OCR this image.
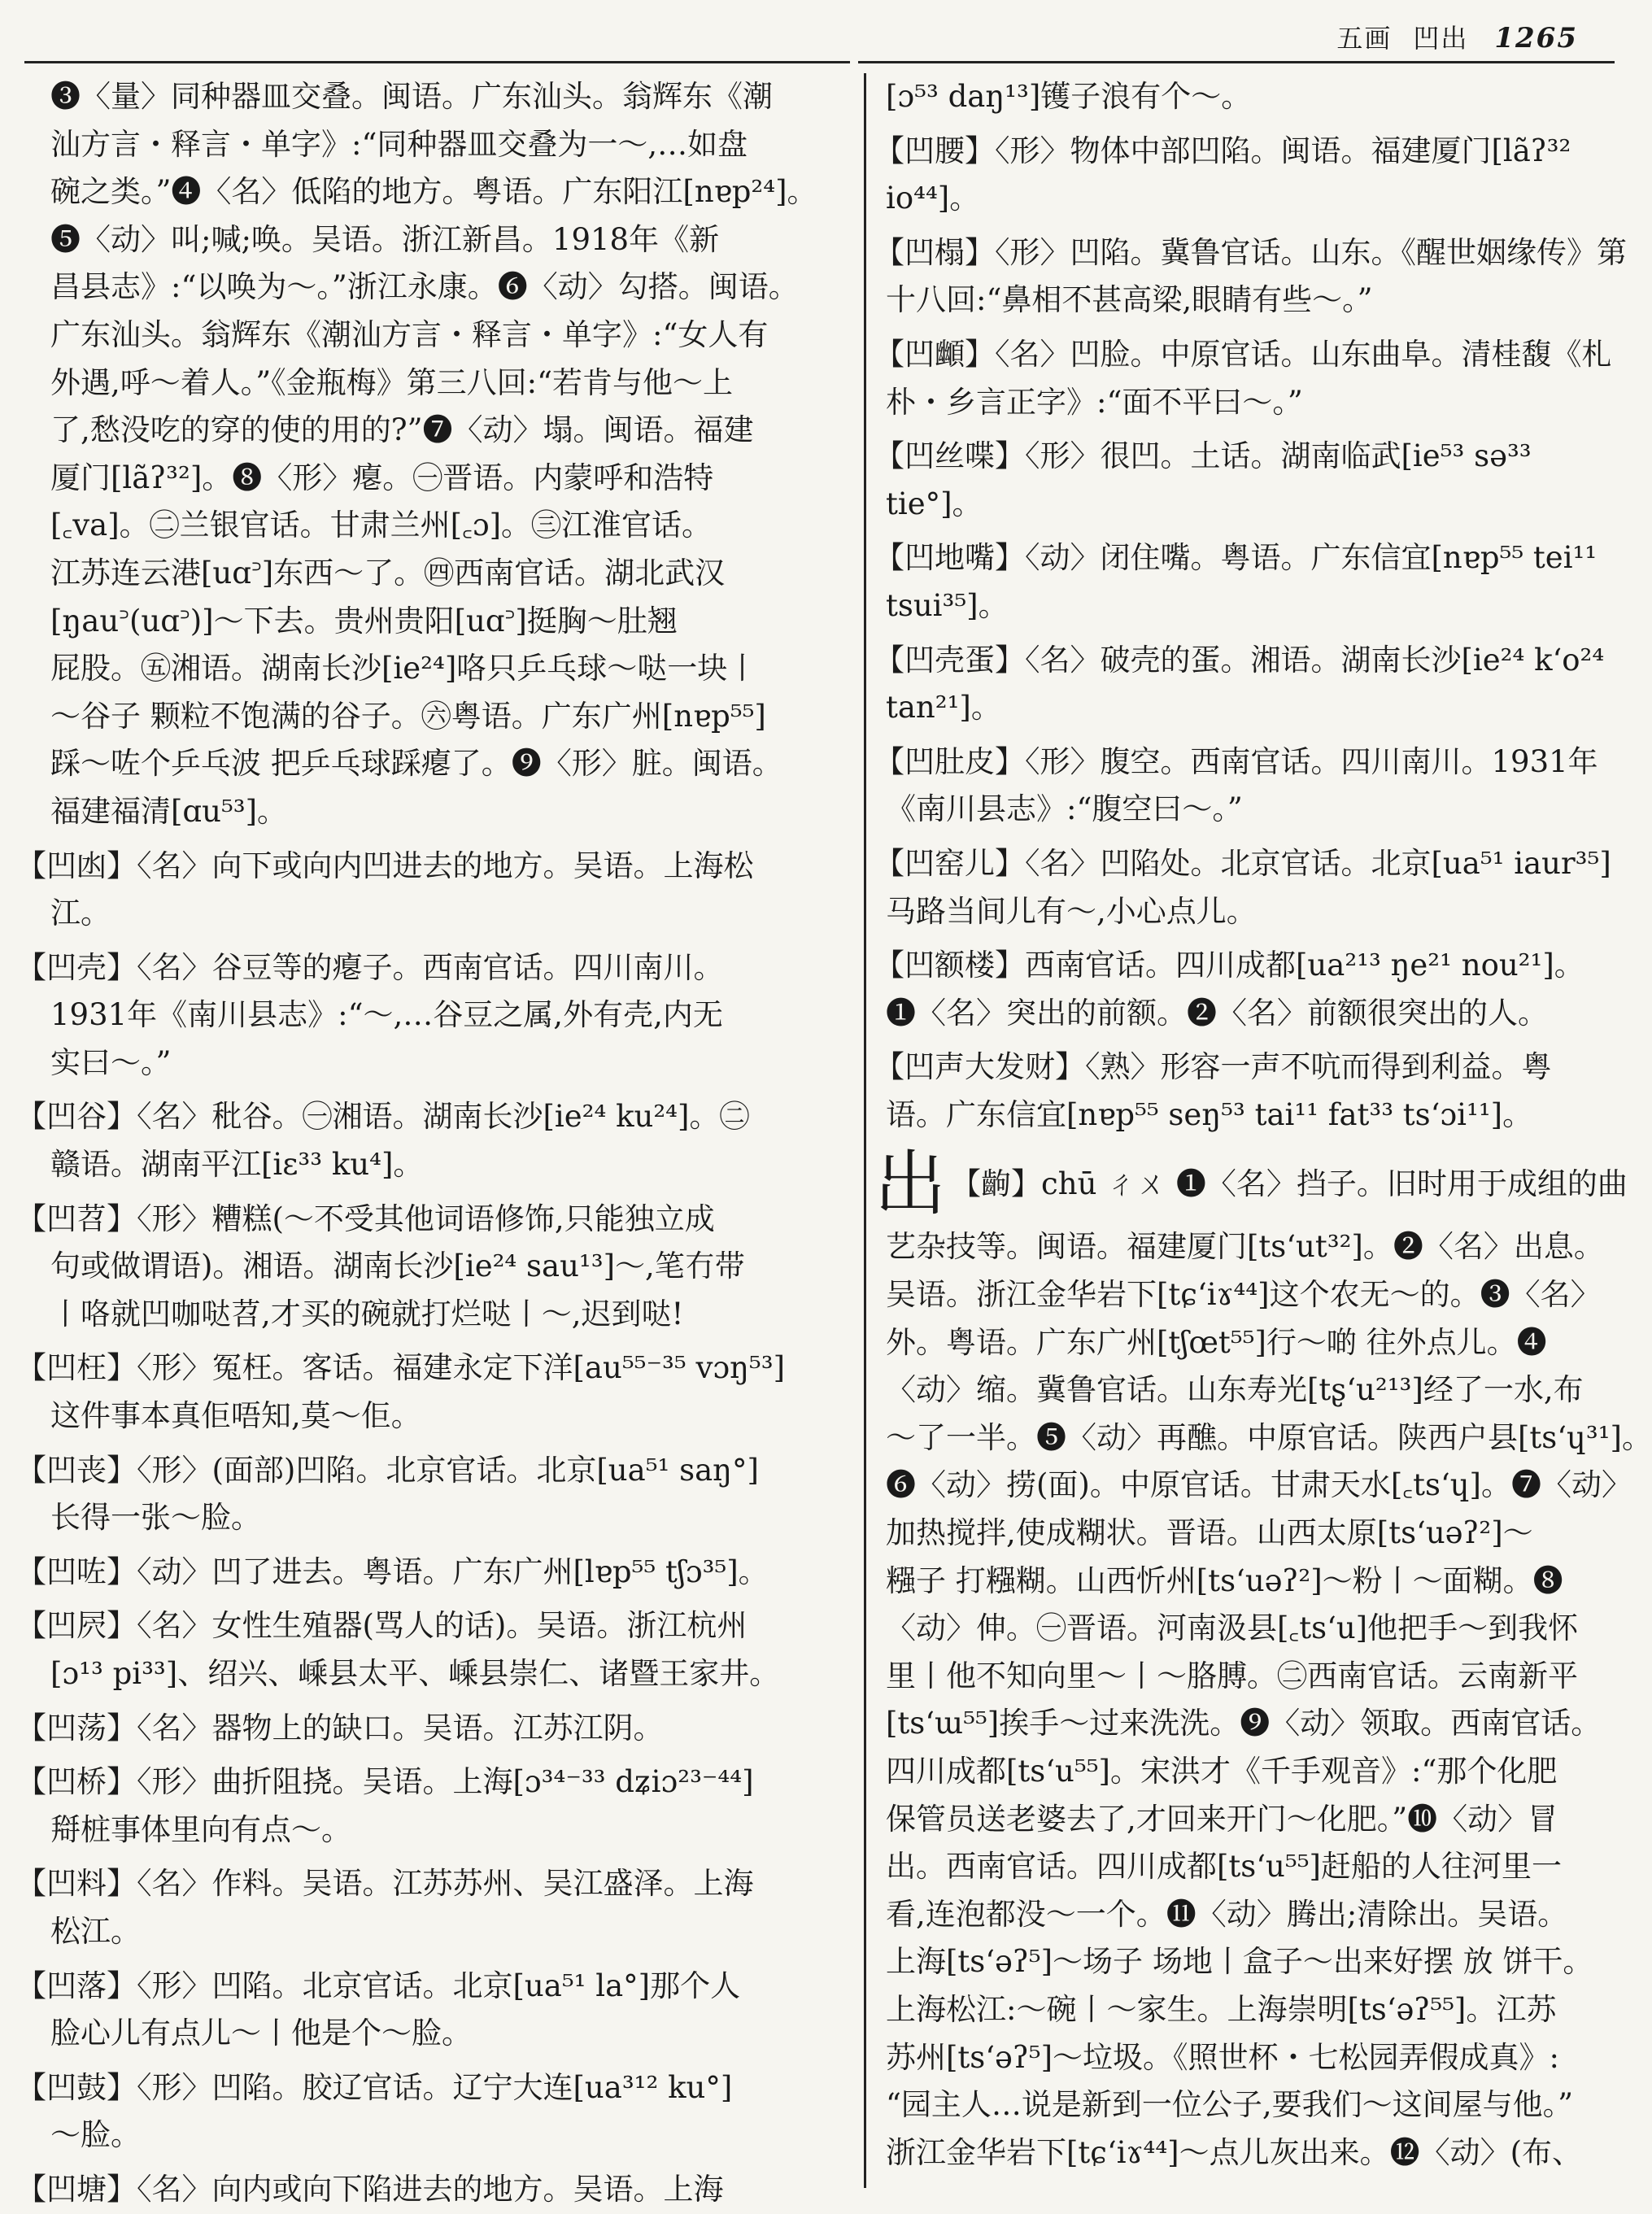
五画 凹出 1265
❸〈量〉同种器皿交叠。闽语。广东汕头。翁辉东《潮
汕方言・释言・单字》:“同种器皿交叠为一～,…如盘
碗之类。”❹〈名〉低陷的地方。粤语。广东阳江[nɐp²⁴]。
❺〈动〉叫;喊;唤。吴语。浙江新昌。1918年《新
昌县志》:“以唤为～。”浙江永康。❻〈动〉勾搭。闽语。
广东汕头。翁辉东《潮汕方言・释言・单字》:“女人有
外遇,呼～着人。”《金瓶梅》第三八回:“若肯与他～上
了,愁没吃的穿的使的用的?”❼〈动〉塌。闽语。福建
厦门[lãʔ³²]。❽〈形〉瘪。㊀晋语。内蒙呼和浩特
[꜀va]。㊁兰银官话。甘肃兰州[꜀ɔ]。㊂江淮官话。
江苏连云港[uɑ꜄]东西～了。㊃西南官话。湖北武汉
[ŋau꜄(uɑ꜄)]～下去。贵州贵阳[uɑ꜄]挺胸～肚翘
屁股。㊄湘语。湖南长沙[ie²⁴]咯只乒乓球～哒一块丨
～谷子 颗粒不饱满的谷子。㊅粤语。广东广州[nɐp⁵⁵]
踩～咗个乒乓波 把乒乓球踩瘪了。❾〈形〉脏。闽语。
福建福清[ɑu⁵³]。
【凹凼】〈名〉向下或向内凹进去的地方。吴语。上海松
江。
【凹壳】〈名〉谷豆等的瘪子。西南官话。四川南川。
1931年《南川县志》:“～,…谷豆之属,外有壳,内无
实曰～。”
【凹谷】〈名〉秕谷。㊀湘语。湖南长沙[ie²⁴ ku²⁴]。㊁
赣语。湖南平江[iɛ³³ ku⁴]。
【凹苕】〈形〉糟糕(～不受其他词语修饰,只能独立成
句或做谓语)。湘语。湖南长沙[ie²⁴ sau¹³]～,笔冇带
丨咯就凹咖哒苕,才买的碗就打烂哒丨～,迟到哒!
【凹枉】〈形〉冤枉。客话。福建永定下洋[au⁵⁵⁻³⁵ vɔŋ⁵³]
这件事本真佢唔知,莫～佢。
【凹丧】〈形〉(面部)凹陷。北京官话。北京[ua⁵¹ saŋ°]
长得一张～脸。
【凹咗】〈动〉凹了进去。粤语。广东广州[lɐp⁵⁵ tʃɔ³⁵]。
【凹屄】〈名〉女性生殖器(骂人的话)。吴语。浙江杭州
[ɔ¹³ pi³³]、绍兴、嵊县太平、嵊县崇仁、诸暨王家井。
【凹荡】〈名〉器物上的缺口。吴语。江苏江阴。
【凹桥】〈形〉曲折阻挠。吴语。上海[ɔ³⁴⁻³³ dʑiɔ²³⁻⁴⁴]
搿桩事体里向有点～。
【凹料】〈名〉作料。吴语。江苏苏州、吴江盛泽。上海
松江。
【凹落】〈形〉凹陷。北京官话。北京[ua⁵¹ la°]那个人
脸心儿有点儿～丨他是个～脸。
【凹鼓】〈形〉凹陷。胶辽官话。辽宁大连[ua³¹² ku°]
～脸。
【凹塘】〈名〉向内或向下陷进去的地方。吴语。上海
[ɔ⁵³ daŋ¹³]镬子浪有个～。
【凹腰】〈形〉物体中部凹陷。闽语。福建厦门[lãʔ³²
io⁴⁴]。
【凹榻】〈形〉凹陷。冀鲁官话。山东。《醒世姻缘传》第
十八回:“鼻相不甚高梁,眼睛有些～。”
【凹䫜】〈名〉凹脸。中原官话。山东曲阜。清桂馥《札
朴・乡言正字》:“面不平曰～。”
【凹丝喋】〈形〉很凹。土话。湖南临武[ie⁵³ sə³³
tie°]。
【凹地嘴】〈动〉闭住嘴。粤语。广东信宜[nɐp⁵⁵ tei¹¹
tsui³⁵]。
【凹壳蛋】〈名〉破壳的蛋。湘语。湖南长沙[ie²⁴ k‘o²⁴
tan²¹]。
【凹肚皮】〈形〉腹空。西南官话。四川南川。1931年
《南川县志》:“腹空曰～。”
【凹窑儿】〈名〉凹陷处。北京官话。北京[ua⁵¹ iaur³⁵]
马路当间儿有～,小心点儿。
【凹额楼】西南官话。四川成都[ua²¹³ ŋe²¹ nou²¹]。
❶〈名〉突出的前额。❷〈名〉前额很突出的人。
【凹声大发财】〈熟〉形容一声不吭而得到利益。粤
语。广东信宜[nɐp⁵⁵ seŋ⁵³ tai¹¹ fat³³ ts‘ɔi¹¹]。
出 【齣】chū ㄔㄨ ❶〈名〉挡子。旧时用于成组的曲
艺杂技等。闽语。福建厦门[ts‘ut³²]。❷〈名〉出息。
吴语。浙江金华岩下[tɕ‘iɤ⁴⁴]这个农无～的。❸〈名〉
外。粤语。广东广州[tʃœt⁵⁵]行～啲 往外点儿。❹
〈动〉缩。冀鲁官话。山东寿光[tʂ‘u²¹³]经了一水,布
～了一半。❺〈动〉再醮。中原官话。陕西户县[ts‘ɥ³¹]。
❻〈动〉捞(面)。中原官话。甘肃天水[꜀ts‘ɥ]。❼〈动〉
加热搅拌,使成糊状。晋语。山西太原[ts‘uəʔ²]～
糨子 打糨糊。山西忻州[ts‘uəʔ²]～粉丨～面糊。❽
〈动〉伸。㊀晋语。河南汲县[꜀ts‘u]他把手～到我怀
里丨他不知向里～丨～胳膊。㊁西南官话。云南新平
[ts‘ɯ⁵⁵]挨手～过来洗洗。❾〈动〉领取。西南官话。
四川成都[ts‘u⁵⁵]。宋洪才《千手观音》:“那个化肥
保管员送老婆去了,才回来开门～化肥。”❿〈动〉冒
出。西南官话。四川成都[ts‘u⁵⁵]赶船的人往河里一
看,连泡都没～一个。⓫〈动〉腾出;清除出。吴语。
上海[ts‘əʔ⁵]～场子 场地丨盒子～出来好摆 放 饼干。
上海松江:～碗丨～家生。上海崇明[ts‘əʔ⁵⁵]。江苏
苏州[ts‘əʔ⁵]～垃圾。《照世杯・七松园弄假成真》:
“园主人…说是新到一位公子,要我们～这间屋与他。”
浙江金华岩下[tɕ‘iɤ⁴⁴]～点儿灰出来。⓬〈动〉(布、
